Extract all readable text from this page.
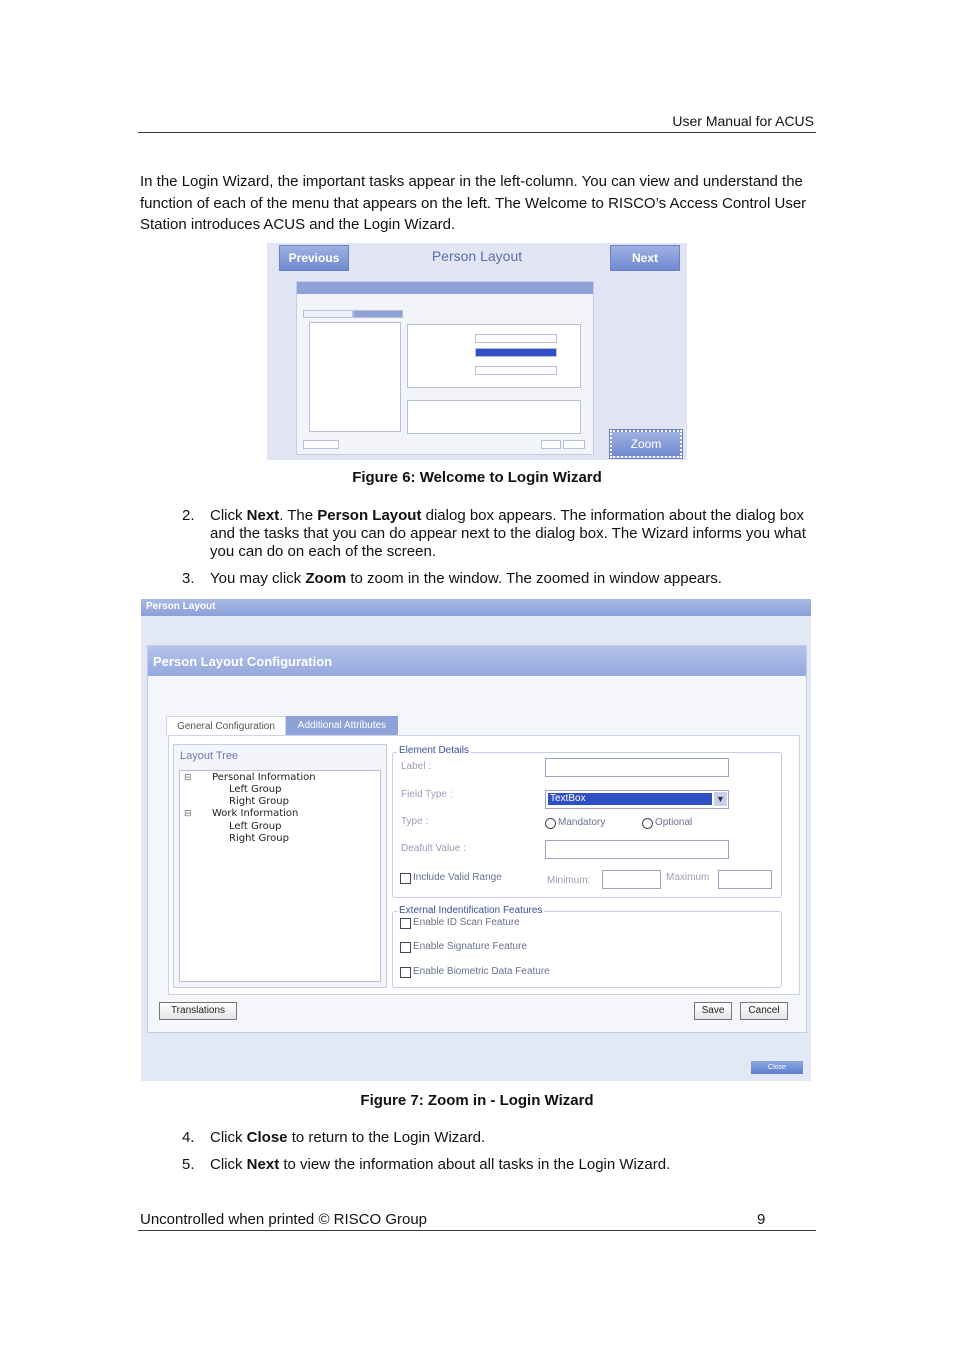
User Manual for ACUS
In the Login Wizard, the important tasks appear in the left-column. You can view and understand the function of each of the menu that appears on the left. The Welcome to RISCO’s Access Control User Station introduces ACUS and the Login Wizard.
Previous	Person Layout	Next
Zoom
Figure 6: Welcome to Login Wizard
2. Click Next. The Person Layout dialog box appears. The information about the dialog box and the tasks that you can do appear next to the dialog box. The Wizard informs you what you can do on each of the screen.
3. You may click Zoom to zoom in the window. The zoomed in window appears.
Person Layout
Person Layout Configuration
General Configuration	Additional Attributes
Layout Tree
⊟ Personal Information
Left Group
Right Group
⊟ Work Information
Left Group
Right Group
Element Details
Label :
Field Type :	TextBox	▼
Type :	Mandatory	Optional
Deafult Value :
Include Valid Range	Minimum:	Maximum
External Indentification Features
Enable ID Scan Feature
Enable Signature Feature
Enable Biometric Data Feature
Translations	Save	Cancel
Close
Figure 7: Zoom in - Login Wizard
4. Click Close to return to the Login Wizard.
5. Click Next to view the information about all tasks in the Login Wizard.
Uncontrolled when printed © RISCO Group	9
